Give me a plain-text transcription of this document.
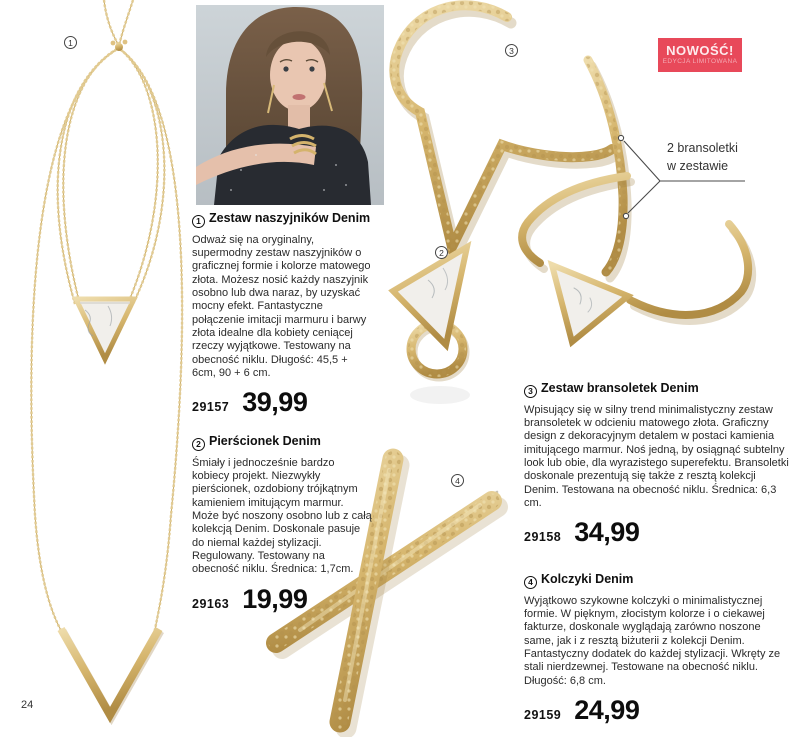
1
2
3
4
NOWOŚĆ!
EDYCJA LIMITOWANA
2 bransoletki
w zestawie
1 Zestaw naszyjników Denim

Odważ się na oryginalny, supermodny zestaw naszyjników o graficznej formie i kolorze matowego złota. Możesz nosić każdy naszyjnik osobno lub dwa naraz, by uzyskać mocny efekt. Fantastyczne połączenie imitacji marmuru i barwy złota idealne dla kobiety ceniącej rzeczy wyjątkowe. Testowany na obecność niklu. Długość: 45,5 + 6cm, 90 + 6 cm.

29157 39,99
2 Pierścionek Denim

Śmiały i jednocześnie bardzo kobiecy projekt. Niezwykły pierścionek, ozdobiony trójkątnym kamieniem imitującym marmur. Może być noszony osobno lub z całą kolekcją Denim. Doskonale pasuje do niemal każdej stylizacji. Regulowany. Testowany na obecność niklu. Średnica: 1,7cm.

29163 19,99
3 Zestaw bransoletek Denim

Wpisujący się w silny trend minimalistyczny zestaw bransoletek w odcieniu matowego złota. Graficzny design z dekoracyjnym detalem w postaci kamienia imitującego marmur. Noś jedną, by osiągnąć subtelny look lub obie, dla wyrazistego superefektu. Bransoletki doskonale prezentują się także z resztą kolekcji Denim. Testowana na obecność niklu. Średnica: 6,3 cm.

29158 34,99
4 Kolczyki Denim

Wyjątkowo szykowne kolczyki o minimalistycznej formie. W pięknym, złocistym kolorze i o ciekawej fakturze, doskonale wyglądają zarówno noszone same, jak i z resztą biżuterii z kolekcji Denim. Fantastyczny dodatek do każdej stylizacji. Wkręty ze stali nierdzewnej. Testowane na obecność niklu. Długość: 6,8 cm.

29159 24,99
24
